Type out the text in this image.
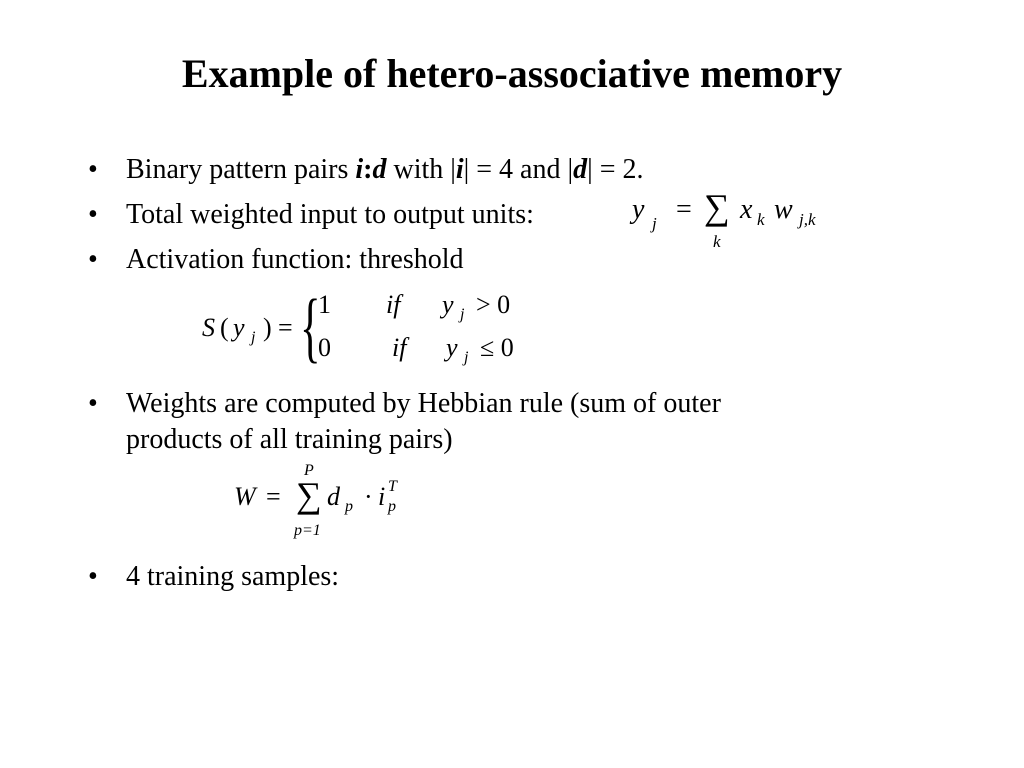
Example of hetero-associative memory
• Binary pattern pairs i:d with |i| = 4 and |d| = 2.
• Total weighted input to output units:	y j = ∑
k
x k w j,k
• Activation function: threshold
S ( y j ) = {
1 if y j > 0
0 if y j ≤ 0
• Weights are computed by Hebbian rule (sum of outer
products of all training pairs)
W =
P
∑
p=1
d p · i T
p
• 4 training samples:
